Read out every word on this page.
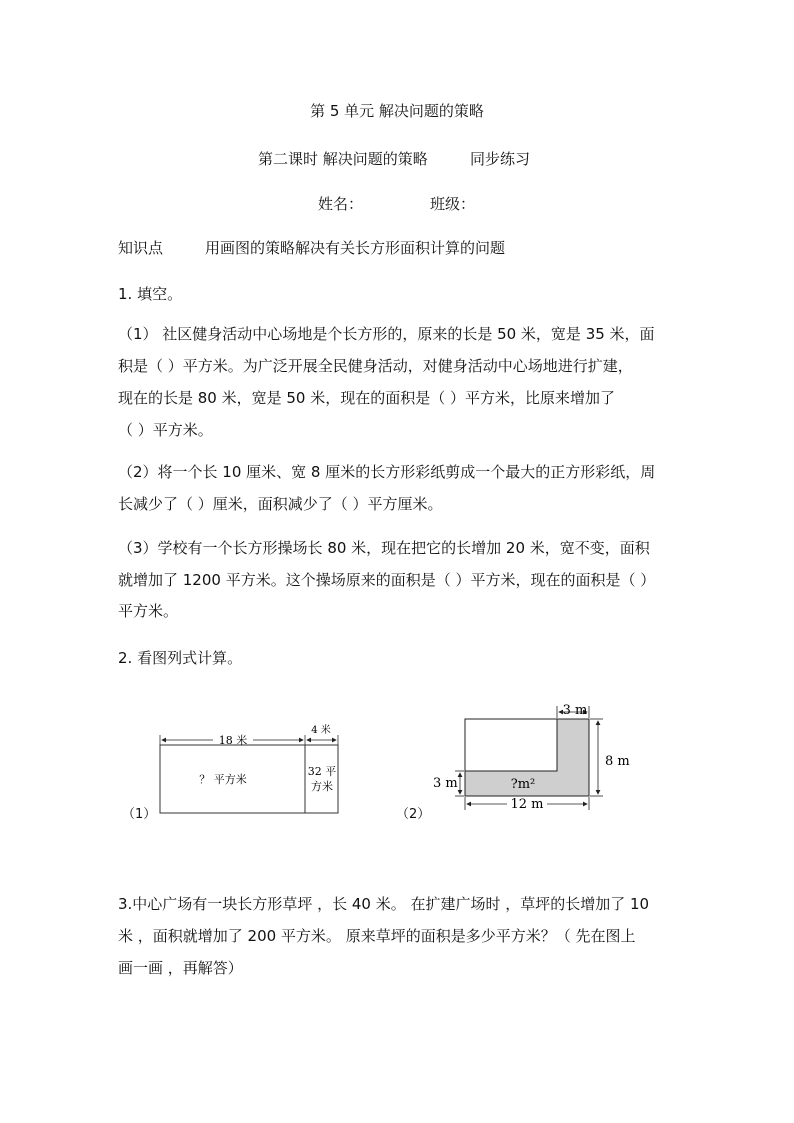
第 5 单元 解决问题的策略
第二课时 解决问题的策略	同步练习
姓名：	班级：
知识点	用画图的策略解决有关长方形面积计算的问题
1. 填空。
（1） 社区健身活动中心场地是个长方形的，原来的长是 50 米，宽是 35 米，面
积是（ ）平方米。为广泛开展全民健身活动，对健身活动中心场地进行扩建，
现在的长是 80 米，宽是 50 米，现在的面积是（ ）平方米，比原来增加了
（ ）平方米。
（2）将一个长 10 厘米、宽 8 厘米的长方形彩纸剪成一个最大的正方形彩纸，周
长减少了（ ）厘米，面积减少了（ ）平方厘米。
（3）学校有一个长方形操场长 80 米，现在把它的长增加 20 米，宽不变，面积
就增加了 1200 平方米。这个操场原来的面积是（ ）平方米，现在的面积是（ ）
平方米。
2. 看图列式计算。
（1）
18 米
4 米
？ 平方米
32 平
方米
（2）
3 m
8 m
3 m
12 m
?m²
3.中心广场有一块长方形草坪 ，长 40 米。 在扩建广场时 ，草坪的长增加了 10
米 ，面积就增加了 200 平方米。 原来草坪的面积是多少平方米？（ 先在图上
画一画 ，再解答）
